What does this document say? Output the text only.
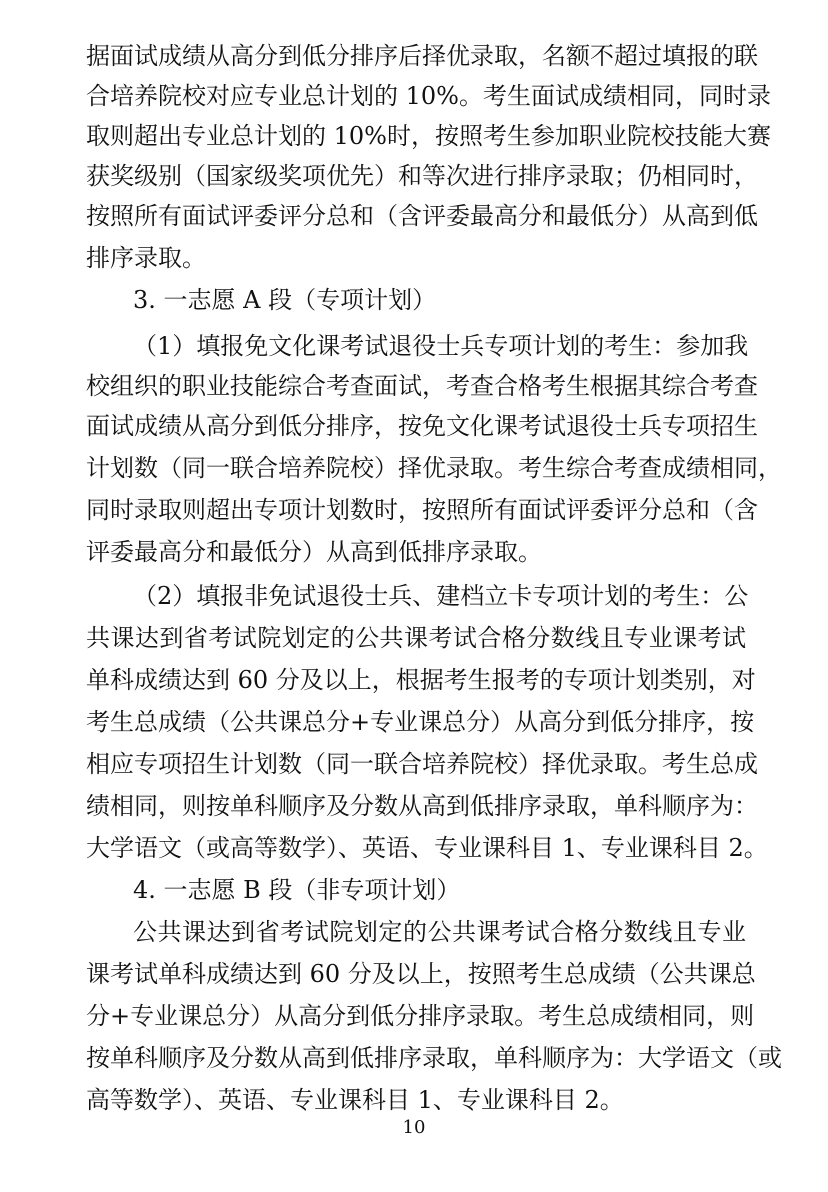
据面试成绩从高分到低分排序后择优录取，名额不超过填报的联
合培养院校对应专业总计划的 10%。考生面试成绩相同，同时录
取则超出专业总计划的 10%时，按照考生参加职业院校技能大赛
获奖级别（国家级奖项优先）和等次进行排序录取；仍相同时，
按照所有面试评委评分总和（含评委最高分和最低分）从高到低
排序录取。
3. 一志愿 A 段（专项计划）
（1）填报免文化课考试退役士兵专项计划的考生：参加我
校组织的职业技能综合考查面试，考查合格考生根据其综合考查
面试成绩从高分到低分排序，按免文化课考试退役士兵专项招生
计划数（同一联合培养院校）择优录取。考生综合考查成绩相同，
同时录取则超出专项计划数时，按照所有面试评委评分总和（含
评委最高分和最低分）从高到低排序录取。
（2）填报非免试退役士兵、建档立卡专项计划的考生：公
共课达到省考试院划定的公共课考试合格分数线且专业课考试
单科成绩达到 60 分及以上，根据考生报考的专项计划类别，对
考生总成绩（公共课总分+专业课总分）从高分到低分排序，按
相应专项招生计划数（同一联合培养院校）择优录取。考生总成
绩相同，则按单科顺序及分数从高到低排序录取，单科顺序为：
大学语文（或高等数学）、英语、专业课科目 1、专业课科目 2。
4. 一志愿 B 段（非专项计划）
公共课达到省考试院划定的公共课考试合格分数线且专业
课考试单科成绩达到 60 分及以上，按照考生总成绩（公共课总
分+专业课总分）从高分到低分排序录取。考生总成绩相同，则
按单科顺序及分数从高到低排序录取，单科顺序为：大学语文（或
高等数学）、英语、专业课科目 1、专业课科目 2。
10
